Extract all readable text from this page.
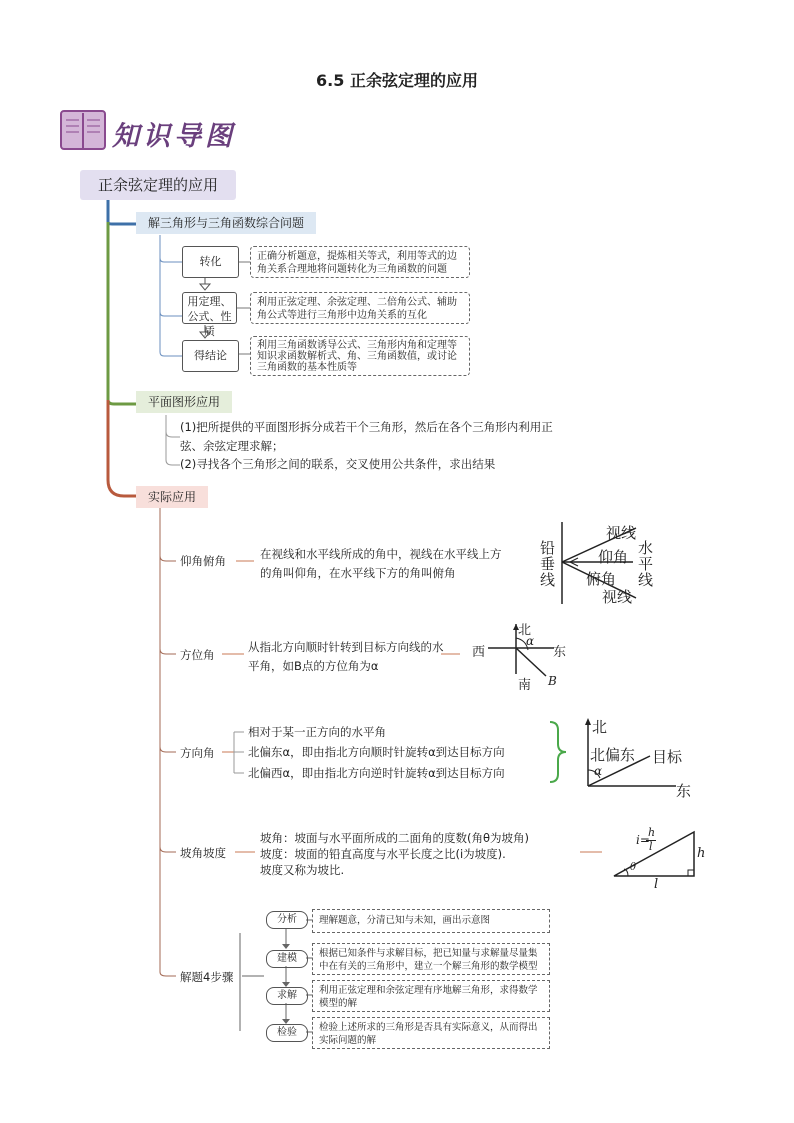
6.5 正余弦定理的应用
知识导图
正余弦定理的应用
解三角形与三角函数综合问题
转化	正确分析题意，提炼相关等式，利用等式的边角关系合理地将问题转化为三角函数的问题
用定理、公式、性质
利用正弦定理、余弦定理、二倍角公式、辅助角公式等进行三角形中边角关系的互化
得结论
利用三角函数诱导公式、三角形内角和定理等知识求函数解析式、角、三角函数值，或讨论三角函数的基本性质等
平面图形应用
(1)把所提供的平面图形拆分成若干个三角形，然后在各个三角形内利用正弦、余弦定理求解；
(2)寻找各个三角形之间的联系，交叉使用公共条件，求出结果
实际应用
仰角俯角	在视线和水平线所成的角中，视线在水平线上方的角叫仰角，在水平线下方的角叫俯角
铅垂线
水平线
视线
仰角
俯角
视线
方位角
从指北方向顺时针转到目标方向线的水平角，如B点的方位角为α
北
西	东
南
α
B
方向角
相对于某一正方向的水平角
北偏东α，即由指北方向顺时针旋转α到达目标方向
北偏西α，即由指北方向逆时针旋转α到达目标方向
北
北偏东 目标
东
α
坡角坡度
坡角：坡面与水平面所成的二面角的度数(角θ为坡角)
坡度：坡面的铅直高度与水平长度之比(i为坡度).
坡度又称为坡比.
i=
h
l	h
l
θ
解题4步骤
分析	理解题意，分清已知与未知，画出示意图
建模	根据已知条件与求解目标，把已知量与求解量尽量集中在有关的三角形中，建立一个解三角形的数学模型
求解	利用正弦定理和余弦定理有序地解三角形，求得数学模型的解
检验	检验上述所求的三角形是否具有实际意义，从而得出实际问题的解
